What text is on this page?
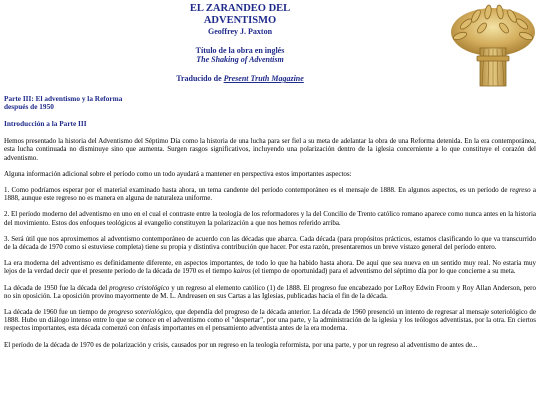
EL ZARANDEO DEL
ADVENTISMO
Geoffrey J. Paxton
Título de la obra en inglés
The Shaking of Adventism
Traducido de Present Truth Magazine
Parte III: El adventismo y la Reforma
después de 1950
Introducción a la Parte III

Hemos presentado la historia del Adventismo del Séptimo Día como la historia de una lucha para ser fiel a su meta de adelantar la obra de una Reforma detenida. En la era contemporánea, esta lucha continuada no disminuye sino que aumenta. Surgen rasgos significativos, incluyendo una polarización dentro de la iglesia concerniente a lo que constituye el corazón del adventismo.

Alguna información adicional sobre el período como un todo ayudará a mantener en perspectiva estos importantes aspectos:

1. Como podríamos esperar por el material examinado hasta ahora, un tema candente del período contemporáneo es el mensaje de 1888. En algunos aspectos, es un período de regreso a 1888, aunque este regreso no es manera en alguna de naturaleza uniforme.

2. El período moderno del adventismo en uno en el cual el contraste entre la teología de los reformadores y la del Concilio de Trento católico romano aparece como nunca antes en la historia del movimiento. Estos dos enfoques teológicos al evangelio constituyen la polarización a que nos hemos referido arriba.

3. Será útil que nos aproximemos al adventismo contemporáneo de acuerdo con las décadas que abarca. Cada década (para propósitos prácticos, estamos clasificando lo que va transcurrido de la década de 1970 como si estuviese completa) tiene su propia y distintiva contribución que hacer. Por esta razón, presentaremos un breve vistazo general del período entero.

La era moderna del adventismo es definidamente diferente, en aspectos importantes, de todo lo que ha habido hasta ahora. De aquí que sea nueva en un sentido muy real. No estaría muy lejos de la verdad decir que el presente período de la década de 1970 es el tiempo kairos (el tiempo de oportunidad) para el adventismo del séptimo día por lo que concierne a su meta.

La década de 1950 fue la década del progreso cristológico y un regreso al elemento católico (1) de 1888. El progreso fue encabezado por LeRoy Edwin Froom y Roy Allan Anderson, pero no sin oposición. La oposición provino mayormente de M. L. Andreasen en sus Cartas a las Iglesias, publicadas hacia el fin de la década.

La década de 1960 fue un tiempo de progreso soteriológico, que dependía del progreso de la década anterior. La década de 1960 presenció un intento de regresar al mensaje soteriológico de 1888. Hubo un diálogo intenso entre lo que se conoce en el adventismo como el "despertar", por una parte, y la administración de la iglesia y los teólogos adventistas, por la otra. En ciertos respectos importantes, esta década comenzó con énfasis importantes en el pensamiento adventista antes de la era moderna.

El período de la década de 1970 es de polarización y crisis, causados por un regreso en la teología reformista, por una parte, y por un regreso al adventismo de antes de...
